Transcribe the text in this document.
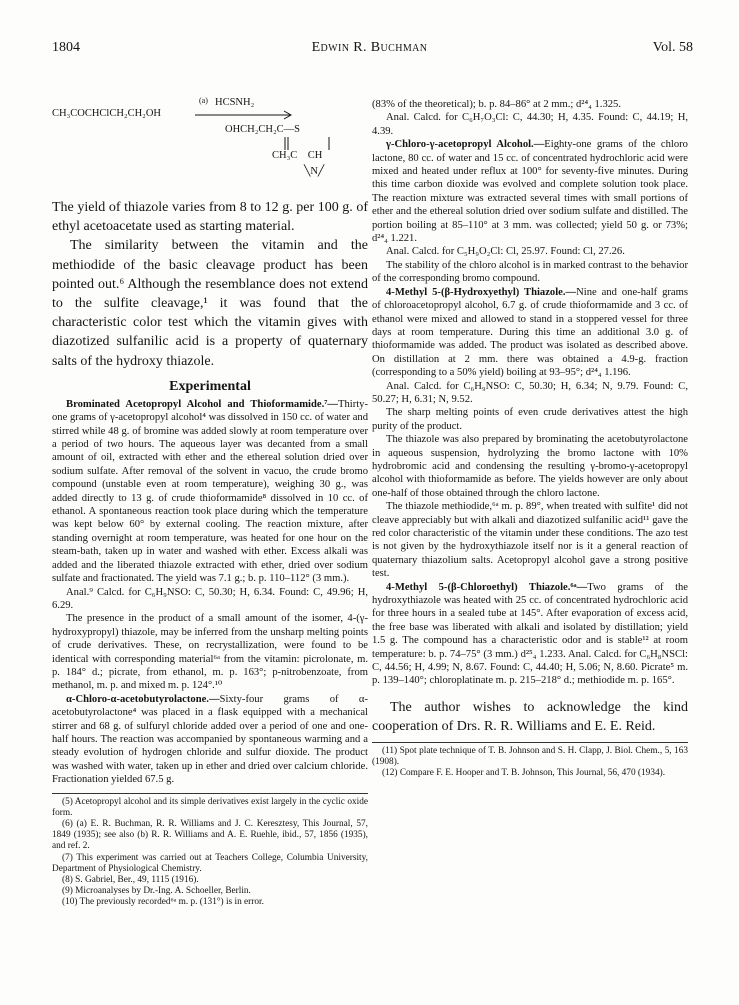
1804	Edwin R. Buchman	Vol. 58
CH₃COCHClCH₂CH₂OH
(a) HCSNH₂
OHCH₂CH₂C—S
CH₃C    CH
╲N╱

The yield of thiazole varies from 8 to 12 g. per 100 g. of ethyl acetoacetate used as starting material.

The similarity between the vitamin and the methiodide of the basic cleavage product has been pointed out.⁶ Although the resemblance does not extend to the sulfite cleavage,¹ it was found that the characteristic color test which the vitamin gives with diazotized sulfanilic acid is a property of quaternary salts of the hydroxy thiazole.

Experimental

Brominated Acetopropyl Alcohol and Thioformamide.⁷—Thirty-one grams of γ-acetopropyl alcohol⁴ was dissolved in 150 cc. of water and stirred while 48 g. of bromine was added slowly at room temperature over a period of two hours. The aqueous layer was decanted from a small amount of oil, extracted with ether and the ethereal solution dried over sodium sulfate. After removal of the solvent in vacuo, the crude bromo compound (unstable even at room temperature), weighing 30 g., was added directly to 13 g. of crude thioformamide⁸ dissolved in 10 cc. of ethanol. A spontaneous reaction took place during which the temperature was kept below 60° by external cooling. The reaction mixture, after standing overnight at room temperature, was heated for one hour on the steam-bath, taken up in water and washed with ether. Excess alkali was added and the liberated thiazole extracted with ether, dried over sodium sulfate and fractionated. The yield was 7.1 g.; b. p. 110–112° (3 mm.).

Anal.⁹ Calcd. for C₆H₉NSO: C, 50.30; H, 6.34. Found: C, 49.96; H, 6.29.

The presence in the product of a small amount of the isomer, 4-(γ-hydroxypropyl) thiazole, may be inferred from the unsharp melting points of crude derivatives. These, on recrystallization, were found to be identical with corresponding material⁶ᵃ from the vitamin: picrolonate, m. p. 184° d.; picrate, from ethanol, m. p. 163°; p-nitrobenzoate, from methanol, m. p. and mixed m. p. 124°.¹⁰

α-Chloro-α-acetobutyrolactone.—Sixty-four grams of α-acetobutyrolactone⁴ was placed in a flask equipped with a mechanical stirrer and 68 g. of sulfuryl chloride added over a period of one and one-half hours. The reaction was accompanied by spontaneous warming and a steady evolution of hydrogen chloride and sulfur dioxide. The product was washed with water, taken up in ether and dried over calcium chloride. Fractionation yielded 67.5 g.

(5) Acetopropyl alcohol and its simple derivatives exist largely in the cyclic oxide form.

(6) (a) E. R. Buchman, R. R. Williams and J. C. Keresztesy, This Journal, 57, 1849 (1935); see also (b) R. R. Williams and A. E. Ruehle, ibid., 57, 1856 (1935), and ref. 2.

(7) This experiment was carried out at Teachers College, Columbia University, Department of Physiological Chemistry.

(8) S. Gabriel, Ber., 49, 1115 (1916).

(9) Microanalyses by Dr.-Ing. A. Schoeller, Berlin.

(10) The previously recorded⁶ᵃ m. p. (131°) is in error.

(83% of the theoretical); b. p. 84–86° at 2 mm.; d²⁴₄ 1.325.

Anal. Calcd. for C₆H₇O₃Cl: C, 44.30; H, 4.35. Found: C, 44.19; H, 4.39.

γ-Chloro-γ-acetopropyl Alcohol.—Eighty-one grams of the chloro lactone, 80 cc. of water and 15 cc. of concentrated hydrochloric acid were mixed and heated under reflux at 100° for seventy-five minutes. During this time carbon dioxide was evolved and complete solution took place. The reaction mixture was extracted several times with small portions of ether and the ethereal solution dried over sodium sulfate and distilled. The portion boiling at 85–110° at 3 mm. was collected; yield 50 g. or 73%; d²⁴₄ 1.221.

Anal. Calcd. for C₅H₉O₂Cl: Cl, 25.97. Found: Cl, 27.26.

The stability of the chloro alcohol is in marked contrast to the behavior of the corresponding bromo compound.

4-Methyl 5-(β-Hydroxyethyl) Thiazole.—Nine and one-half grams of chloroacetopropyl alcohol, 6.7 g. of crude thioformamide and 3 cc. of ethanol were mixed and allowed to stand in a stoppered vessel for three days at room temperature. During this time an additional 3.0 g. of thioformamide was added. The product was isolated as described above. On distillation at 2 mm. there was obtained a 4.9-g. fraction (corresponding to a 50% yield) boiling at 93–95°; d²⁴₄ 1.196.

Anal. Calcd. for C₆H₉NSO: C, 50.30; H, 6.34; N, 9.79. Found: C, 50.27; H, 6.31; N, 9.52.

The sharp melting points of even crude derivatives attest the high purity of the product.

The thiazole was also prepared by brominating the acetobutyrolactone in aqueous suspension, hydrolyzing the bromo lactone with 10% hydrobromic acid and condensing the resulting γ-bromo-γ-acetopropyl alcohol with thioformamide as before. The yields however are only about one-half of those obtained through the chloro lactone.

The thiazole methiodide,⁶ᵃ m. p. 89°, when treated with sulfite¹ did not cleave appreciably but with alkali and diazotized sulfanilic acid¹¹ gave the red color characteristic of the vitamin under these conditions. The azo test is not given by the hydroxythiazole itself nor is it a general reaction of quaternary thiazolium salts. Acetopropyl alcohol gave a strong positive test.

4-Methyl 5-(β-Chloroethyl) Thiazole.⁶ᵃ—Two grams of the hydroxythiazole was heated with 25 cc. of concentrated hydrochloric acid for three hours in a sealed tube at 145°. After evaporation of excess acid, the free base was liberated with alkali and isolated by distillation; yield 1.5 g. The compound has a characteristic odor and is stable¹² at room temperature: b. p. 74–75° (3 mm.) d²⁵₄ 1.233. Anal. Calcd. for C₆H₈NSCl: C, 44.56; H, 4.99; N, 8.67. Found: C, 44.40; H, 5.06; N, 8.60. Picrate⁵ m. p. 139–140°; chloroplatinate m. p. 215–218° d.; methiodide m. p. 165°.

The author wishes to acknowledge the kind cooperation of Drs. R. R. Williams and E. E. Reid.

(11) Spot plate technique of T. B. Johnson and S. H. Clapp, J. Biol. Chem., 5, 163 (1908).

(12) Compare F. E. Hooper and T. B. Johnson, This Journal, 56, 470 (1934).
